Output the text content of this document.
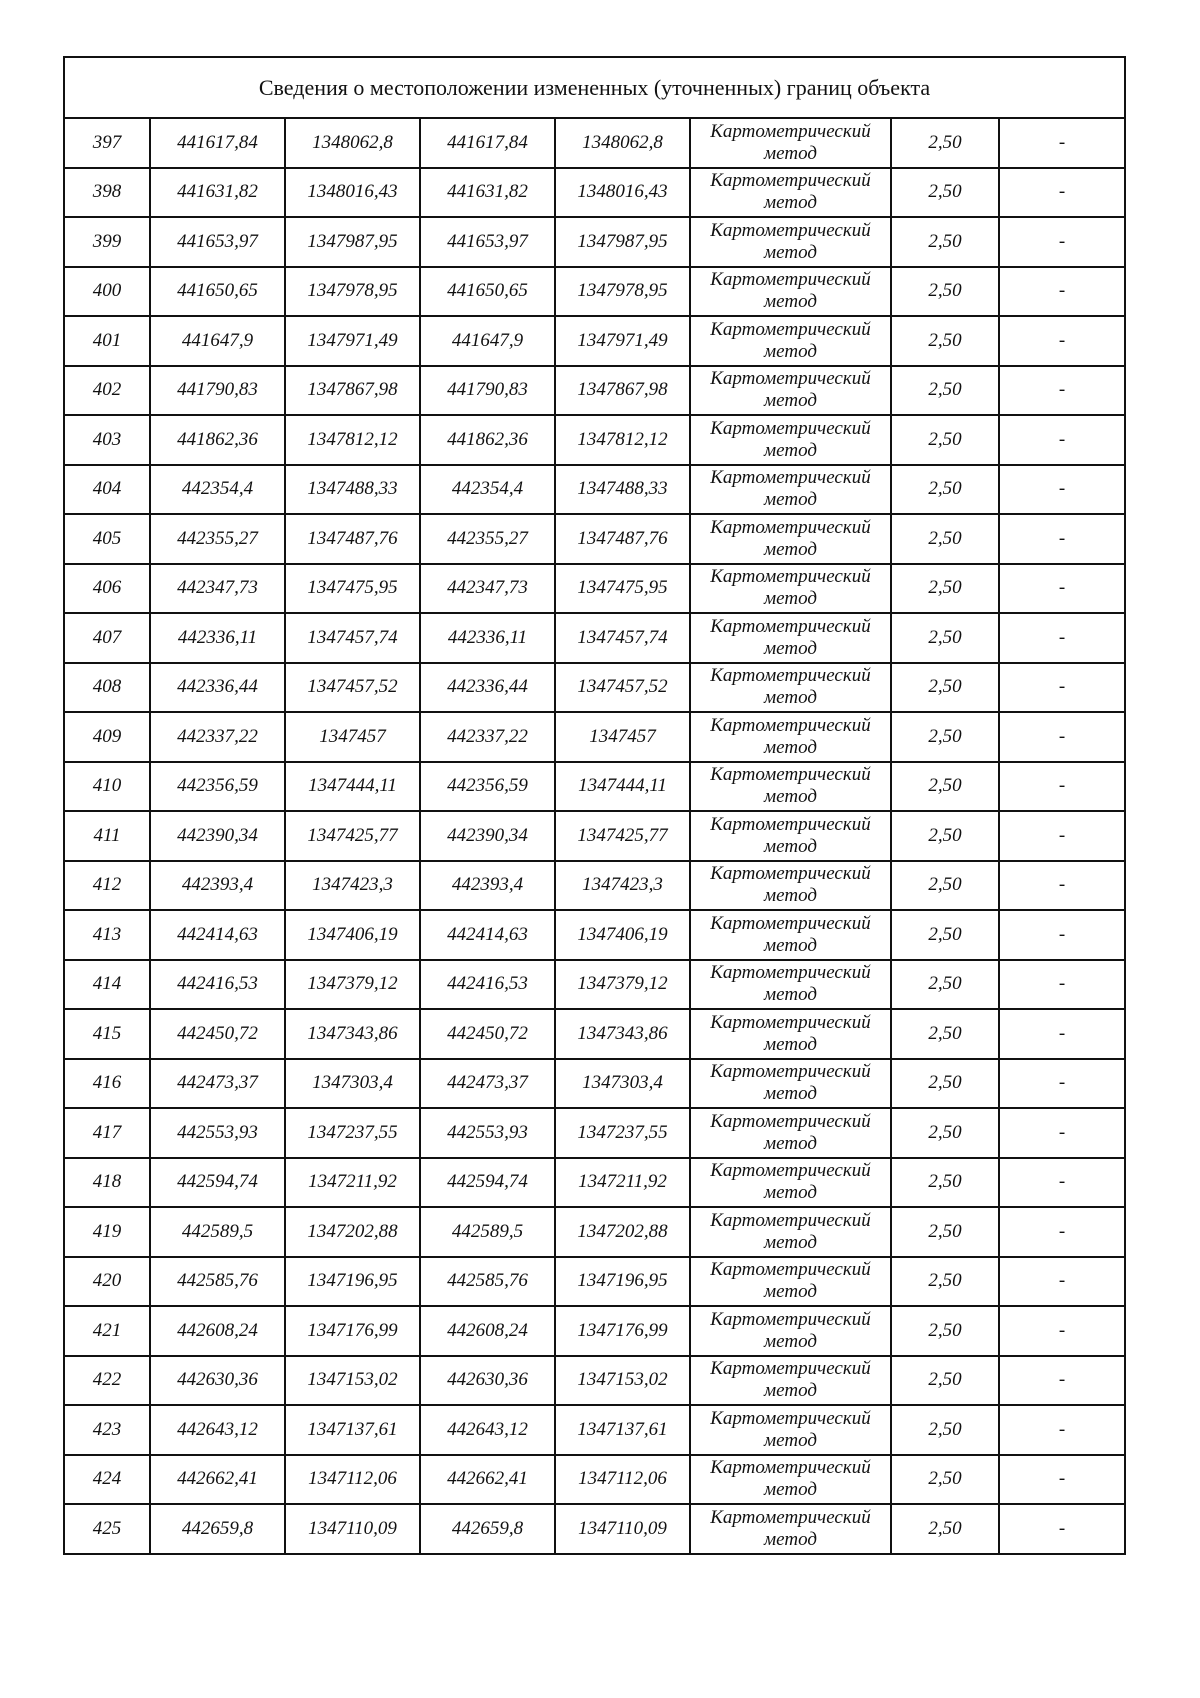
Сведения о местоположении измененных (уточненных) границ объекта							
397	441617,84	1348062,8	441617,84	1348062,8	Картометрический
метод	2,50	-
398	441631,82	1348016,43	441631,82	1348016,43	Картометрический
метод	2,50	-
399	441653,97	1347987,95	441653,97	1347987,95	Картометрический
метод	2,50	-
400	441650,65	1347978,95	441650,65	1347978,95	Картометрический
метод	2,50	-
401	441647,9	1347971,49	441647,9	1347971,49	Картометрический
метод	2,50	-
402	441790,83	1347867,98	441790,83	1347867,98	Картометрический
метод	2,50	-
403	441862,36	1347812,12	441862,36	1347812,12	Картометрический
метод	2,50	-
404	442354,4	1347488,33	442354,4	1347488,33	Картометрический
метод	2,50	-
405	442355,27	1347487,76	442355,27	1347487,76	Картометрический
метод	2,50	-
406	442347,73	1347475,95	442347,73	1347475,95	Картометрический
метод	2,50	-
407	442336,11	1347457,74	442336,11	1347457,74	Картометрический
метод	2,50	-
408	442336,44	1347457,52	442336,44	1347457,52	Картометрический
метод	2,50	-
409	442337,22	1347457	442337,22	1347457	Картометрический
метод	2,50	-
410	442356,59	1347444,11	442356,59	1347444,11	Картометрический
метод	2,50	-
411	442390,34	1347425,77	442390,34	1347425,77	Картометрический
метод	2,50	-
412	442393,4	1347423,3	442393,4	1347423,3	Картометрический
метод	2,50	-
413	442414,63	1347406,19	442414,63	1347406,19	Картометрический
метод	2,50	-
414	442416,53	1347379,12	442416,53	1347379,12	Картометрический
метод	2,50	-
415	442450,72	1347343,86	442450,72	1347343,86	Картометрический
метод	2,50	-
416	442473,37	1347303,4	442473,37	1347303,4	Картометрический
метод	2,50	-
417	442553,93	1347237,55	442553,93	1347237,55	Картометрический
метод	2,50	-
418	442594,74	1347211,92	442594,74	1347211,92	Картометрический
метод	2,50	-
419	442589,5	1347202,88	442589,5	1347202,88	Картометрический
метод	2,50	-
420	442585,76	1347196,95	442585,76	1347196,95	Картометрический
метод	2,50	-
421	442608,24	1347176,99	442608,24	1347176,99	Картометрический
метод	2,50	-
422	442630,36	1347153,02	442630,36	1347153,02	Картометрический
метод	2,50	-
423	442643,12	1347137,61	442643,12	1347137,61	Картометрический
метод	2,50	-
424	442662,41	1347112,06	442662,41	1347112,06	Картометрический
метод	2,50	-
425	442659,8	1347110,09	442659,8	1347110,09	Картометрический
метод	2,50	-
